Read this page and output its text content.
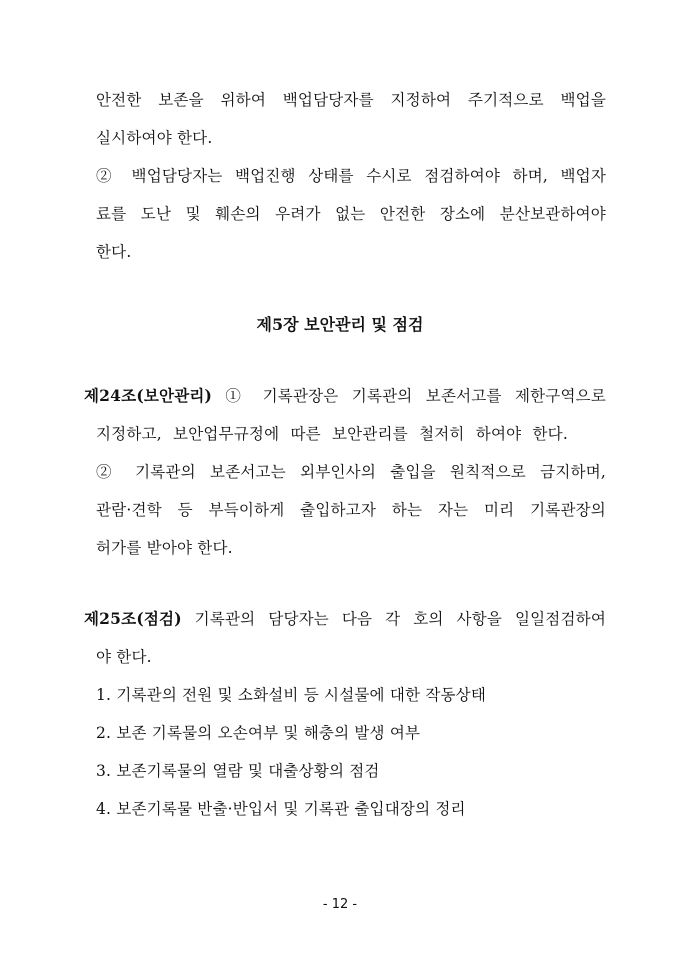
안전한 보존을 위하여 백업담당자를 지정하여 주기적으로 백업을
실시하여야 한다.
② 백업담당자는 백업진행 상태를 수시로 점검하여야 하며, 백업자
료를 도난 및 훼손의 우려가 없는 안전한 장소에 분산보관하여야
한다.
제5장 보안관리 및 점검
제24조(보안관리) ① 기록관장은 기록관의 보존서고를 제한구역으로
지정하고, 보안업무규정에 따른 보안관리를 철저히 하여야 한다.
② 기록관의 보존서고는 외부인사의 출입을 원칙적으로 금지하며,
관람·견학 등 부득이하게 출입하고자 하는 자는 미리 기록관장의
허가를 받아야 한다.
제25조(점검) 기록관의 담당자는 다음 각 호의 사항을 일일점검하여
야 한다.
1. 기록관의 전원 및 소화설비 등 시설물에 대한 작동상태
2. 보존 기록물의 오손여부 및 해충의 발생 여부
3. 보존기록물의 열람 및 대출상황의 점검
4. 보존기록물 반출·반입서 및 기록관 출입대장의 정리
- 12 -
